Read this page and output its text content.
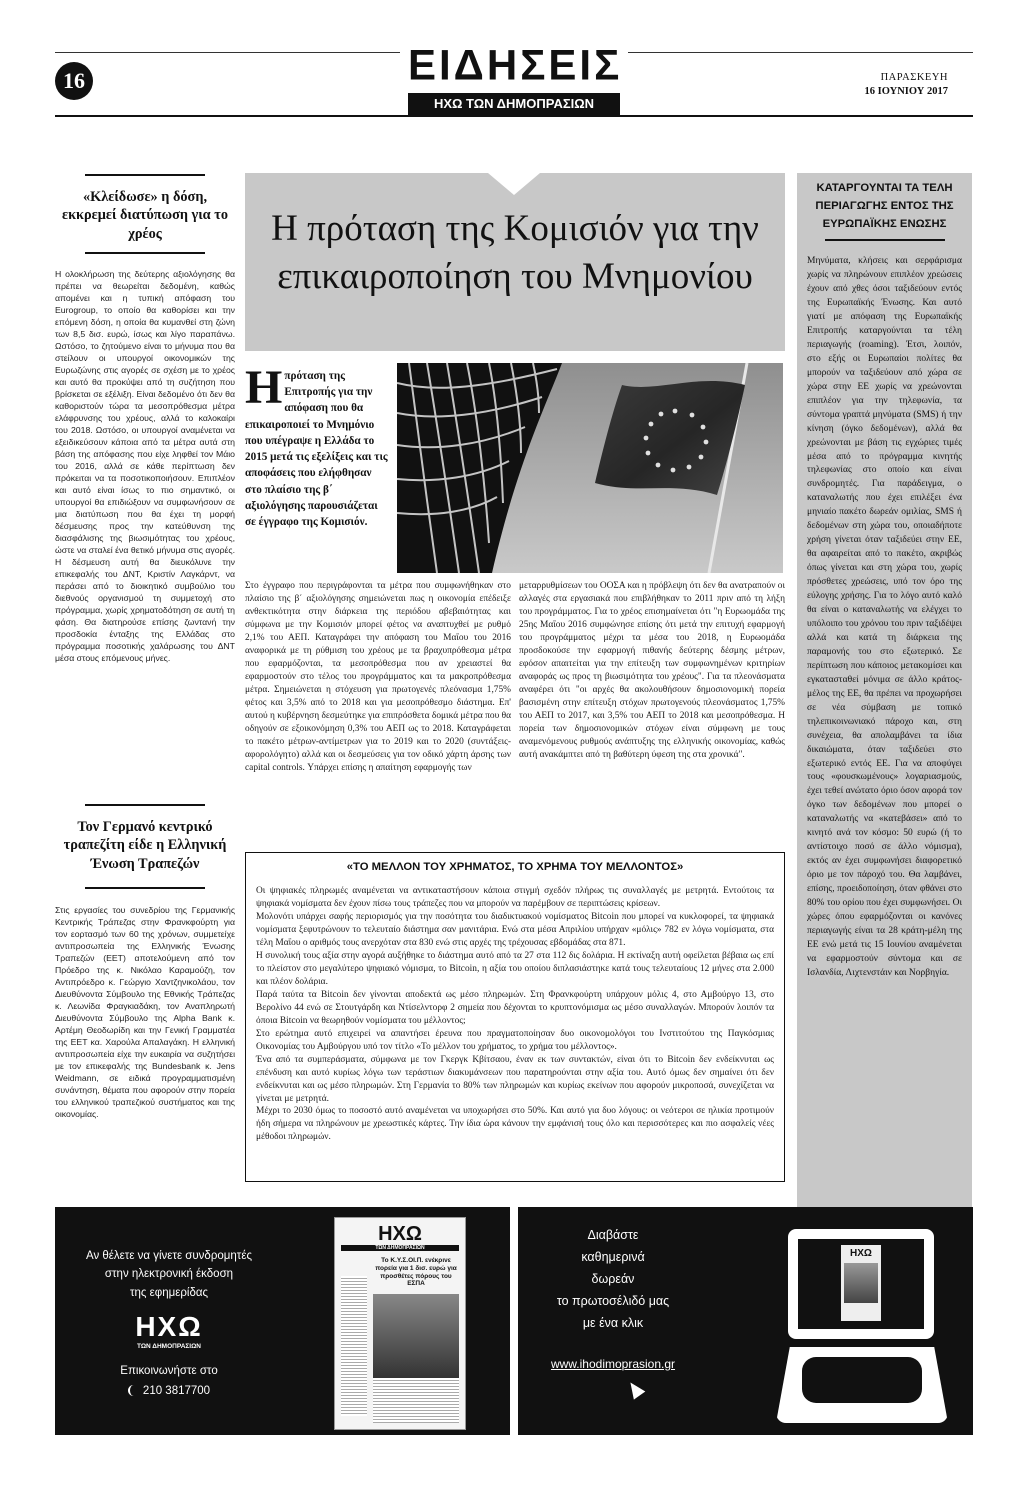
16	ΕΙΔΗΣΕΙΣ
ΗΧΩ ΤΩΝ ΔΗΜΟΠΡΑΣΙΩΝ
ΠΑΡΑΣΚΕΥΗ
16 ΙΟΥΝΙΟΥ 2017
«Κλείδωσε» η δόση, εκκρεμεί διατύπωση για το χρέος
Η ολοκλήρωση της δεύτερης αξιολόγησης θα πρέπει να θεωρείται δεδομένη, καθώς απομένει και η τυπική απόφαση του Eurogroup, το οποίο θα καθορίσει και την επόμενη δόση, η οποία θα κυμανθεί στη ζώνη των 8,5 δισ. ευρώ, ίσως και λίγο παραπάνω. Ωστόσο, το ζητούμενο είναι το μήνυμα που θα στείλουν οι υπουργοί οικονομικών της Ευρωζώνης στις αγορές σε σχέση με το χρέος και αυτό θα προκύψει από τη συζήτηση που βρίσκεται σε εξέλιξη. Είναι δεδομένο ότι δεν θα καθοριστούν τώρα τα μεσοπρόθεσμα μέτρα ελάφρυνσης του χρέους, αλλά το καλοκαίρι του 2018. Ωστόσο, οι υπουργοί αναμένεται να εξειδικεύσουν κάποια από τα μέτρα αυτά στη βάση της απόφασης που είχε ληφθεί τον Μάιο του 2016, αλλά σε κάθε περίπτωση δεν πρόκειται να τα ποσοτικοποιήσουν. Επιπλέον και αυτό είναι ίσως το πιο σημαντικό, οι υπουργοί θα επιδιώξουν να συμφωνήσουν σε μια διατύπωση που θα έχει τη μορφή δέσμευσης προς την κατεύθυνση της διασφάλισης της βιωσιμότητας του χρέους, ώστε να σταλεί ένα θετικό μήνυμα στις αγορές. Η δέσμευση αυτή θα διευκόλυνε την επικεφαλής του ΔΝΤ, Κριστίν Λαγκάρντ, να περάσει από το διοικητικό συμβούλιο του διεθνούς οργανισμού τη συμμετοχή στο πρόγραμμα, χωρίς χρηματοδότηση σε αυτή τη φάση. Θα διατηρούσε επίσης ζωντανή την προσδοκία ένταξης της Ελλάδας στο πρόγραμμα ποσοτικής χαλάρωσης του ΔΝΤ μέσα στους επόμενους μήνες.
Τον Γερμανό κεντρικό τραπεζίτη είδε η Ελληνική Ένωση Τραπεζών
Στις εργασίες του συνεδρίου της Γερμανικής Κεντρικής Τράπεζας στην Φρανκφούρτη για τον εορτασμό των 60 της χρόνων, συμμετείχε αντιπροσωπεία της Ελληνικής Ένωσης Τραπεζών (ΕΕΤ) αποτελούμενη από τον Πρόεδρο της κ. Νικόλαο Καραμούζη, τον Αντιπρόεδρο κ. Γεώργιο Χαντζηνικολάου, τον Διευθύνοντα Σύμβουλο της Εθνικής Τράπεζας κ. Λεωνίδα Φραγκιαδάκη, τον Αναπληρωτή Διευθύνοντα Σύμβουλο της Alpha Bank κ. Αρτέμη Θεοδωρίδη και την Γενική Γραμματέα της ΕΕΤ κα. Χαρούλα Απαλαγάκη. Η ελληνική αντιπροσωπεία είχε την ευκαιρία να συζητήσει με τον επικεφαλής της Bundesbank κ. Jens Weidmann, σε ειδικά προγραμματισμένη συνάντηση, θέματα που αφορούν στην πορεία του ελληνικού τραπεζικού συστήματος και της οικονομίας.
Η πρόταση της Κομισιόν για την επικαιροποίηση του Μνημονίου
Ηπρόταση της Επιτροπής για την απόφαση που θα επικαιροποιεί το Μνημόνιο που υπέγραψε η Ελλάδα το 2015 μετά τις εξελίξεις και τις αποφάσεις που ελήφθησαν στο πλαίσιο της β΄ αξιολόγησης παρουσιάζεται σε έγγραφο της Κομισιόν.
Στο έγγραφο που περιγράφονται τα μέτρα που συμφωνήθηκαν στο πλαίσιο της β΄ αξιολόγησης σημειώνεται πως η οικονομία επέδειξε ανθεκτικότητα στην διάρκεια της περιόδου αβεβαιότητας και σύμφωνα με την Κομισιόν μπορεί φέτος να αναπτυχθεί με ρυθμό 2,1% του ΑΕΠ. Καταγράφει την απόφαση του Μαΐου του 2016 αναφορικά με τη ρύθμιση του χρέους με τα βραχυπρόθεσμα μέτρα που εφαρμόζονται, τα μεσοπρόθεσμα που αν χρειαστεί θα εφαρμοστούν στο τέλος του προγράμματος και τα μακροπρόθεσμα μέτρα. Σημειώνεται η στόχευση για πρωτογενές πλεόνασμα 1,75% φέτος και 3,5% από το 2018 και για μεσοπρόθεσμο διάστημα. Επ' αυτού η κυβέρνηση δεσμεύτηκε για επιπρόσθετα δομικά μέτρα που θα οδηγούν σε εξοικονόμηση 0,3% του ΑΕΠ ως το 2018. Καταγράφεται το πακέτο μέτρων-αντίμετρων για το 2019 και το 2020 (συντάξεις-αφορολόγητο) αλλά και οι δεσμεύσεις για τον οδικό χάρτη άρσης των capital controls. Υπάρχει επίσης η απαίτηση εφαρμογής των
μεταρρυθμίσεων του ΟΟΣΑ και η πρόβλεψη ότι δεν θα ανατραπούν οι αλλαγές στα εργασιακά που επιβλήθηκαν το 2011 πριν από τη λήξη του προγράμματος. Για το χρέος επισημαίνεται ότι "η Ευρωομάδα της 25ης Μαΐου 2016 συμφώνησε επίσης ότι μετά την επιτυχή εφαρμογή του προγράμματος μέχρι τα μέσα του 2018, η Ευρωομάδα προσδοκούσε την εφαρμογή πιθανής δεύτερης δέσμης μέτρων, εφόσον απαιτείται για την επίτευξη των συμφωνημένων κριτηρίων αναφοράς ως προς τη βιωσιμότητα του χρέους". Για τα πλεονάσματα αναφέρει ότι "οι αρχές θα ακολουθήσουν δημοσιονομική πορεία βασισμένη στην επίτευξη στόχων πρωτογενούς πλεονάσματος 1,75% του ΑΕΠ το 2017, και 3,5% του ΑΕΠ το 2018 και μεσοπρόθεσμα. Η πορεία των δημοσιονομικών στόχων είναι σύμφωνη με τους αναμενόμενους ρυθμούς ανάπτυξης της ελληνικής οικονομίας, καθώς αυτή ανακάμπτει από τη βαθύτερη ύφεση της στα χρονικά".
«ΤΟ ΜΕΛΛΟΝ ΤΟΥ ΧΡΗΜΑΤΟΣ, ΤΟ ΧΡΗΜΑ ΤΟΥ ΜΕΛΛΟΝΤΟΣ»
Οι ψηφιακές πληρωμές αναμένεται να αντικαταστήσουν κάποια στιγμή σχεδόν πλήρως τις συναλλαγές με μετρητά. Εντούτοις τα ψηφιακά νομίσματα δεν έχουν πίσω τους τράπεζες που να μπορούν να παρέμβουν σε περιπτώσεις κρίσεων.
Μολονότι υπάρχει σαφής περιορισμός για την ποσότητα του διαδικτυακού νομίσματος Bitcoin που μπορεί να κυκλοφορεί, τα ψηφιακά νομίσματα ξεφυτρώνουν το τελευταίο διάστημα σαν μανιτάρια. Ενώ στα μέσα Απριλίου υπήρχαν «μόλις» 782 εν λόγω νομίσματα, στα τέλη Μαΐου ο αριθμός τους ανερχόταν στα 830 ενώ στις αρχές της τρέχουσας εβδομάδας στα 871.
Η συνολική τους αξία στην αγορά αυξήθηκε το διάστημα αυτό από τα 27 στα 112 δις δολάρια. Η εκτίναξη αυτή οφείλεται βέβαια ως επί το πλείστον στο μεγαλύτερο ψηφιακό νόμισμα, το Bitcoin, η αξία του οποίου διπλασιάστηκε κατά τους τελευταίους 12 μήνες στα 2.000 και πλέον δολάρια.
Παρά ταύτα τα Bitcoin δεν γίνονται αποδεκτά ως μέσο πληρωμών. Στη Φρανκφούρτη υπάρχουν μόλις 4, στο Αμβούργο 13, στο Βερολίνο 44 ενώ σε Στουτγάρδη και Ντίσελντορφ 2 σημεία που δέχονται το κρυπτονόμισμα ως μέσο συναλλαγών. Μπορούν λοιπόν τα όποια Bitcoin να θεωρηθούν νομίσματα του μέλλοντος;
Στο ερώτημα αυτό επιχειρεί να απαντήσει έρευνα που πραγματοποίησαν δυο οικονομολόγοι του Ινστιτούτου της Παγκόσμιας Οικονομίας του Αμβούργου υπό τον τίτλο «Το μέλλον του χρήματος, το χρήμα του μέλλοντος».
Ένα από τα συμπεράσματα, σύμφωνα με τον Γκεργκ Κβίτσαου, έναν εκ των συντακτών, είναι ότι το Bitcoin δεν ενδείκνυται ως επένδυση και αυτό κυρίως λόγω των τεράστιων διακυμάνσεων που παρατηρούνται στην αξία του. Αυτό όμως δεν σημαίνει ότι δεν ενδείκνυται και ως μέσο πληρωμών. Στη Γερμανία το 80% των πληρωμών και κυρίως εκείνων που αφορούν μικροποσά, συνεχίζεται να γίνεται με μετρητά.
Μέχρι το 2030 όμως το ποσοστό αυτό αναμένεται να υποχωρήσει στο 50%. Και αυτό για δυο λόγους: οι νεότεροι σε ηλικία προτιμούν ήδη σήμερα να πληρώνουν με χρεωστικές κάρτες. Την ίδια ώρα κάνουν την εμφάνισή τους όλο και περισσότερες και πιο ασφαλείς νέες μέθοδοι πληρωμών.
ΚΑΤΑΡΓΟΥΝΤΑΙ ΤΑ ΤΕΛΗ ΠΕΡΙΑΓΩΓΗΣ ΕΝΤΟΣ ΤΗΣ ΕΥΡΩΠΑΪΚΗΣ ΕΝΩΣΗΣ
Μηνύματα, κλήσεις και σερφάρισμα χωρίς να πληρώνουν επιπλέον χρεώσεις έχουν από χθες όσοι ταξιδεύουν εντός της Ευρωπαϊκής Ένωσης. Και αυτό γιατί με απόφαση της Ευρωπαϊκής Επιτροπής καταργούνται τα τέλη περιαγωγής (roaming). Έτσι, λοιπόν, στο εξής οι Ευρωπαίοι πολίτες θα μπορούν να ταξιδεύουν από χώρα σε χώρα στην ΕΕ χωρίς να χρεώνονται επιπλέον για την τηλεφωνία, τα σύντομα γραπτά μηνύματα (SMS) ή την κίνηση (όγκο δεδομένων), αλλά θα χρεώνονται με βάση τις εγχώριες τιμές μέσα από το πρόγραμμα κινητής τηλεφωνίας στο οποίο και είναι συνδρομητές. Για παράδειγμα, ο καταναλωτής που έχει επιλέξει ένα μηνιαίο πακέτο δωρεάν ομιλίας, SMS ή δεδομένων στη χώρα του, οποιαδήποτε χρήση γίνεται όταν ταξιδεύει στην ΕΕ, θα αφαιρείται από το πακέτο, ακριβώς όπως γίνεται και στη χώρα του, χωρίς πρόσθετες χρεώσεις, υπό τον όρο της εύλογης χρήσης. Για το λόγο αυτό καλό θα είναι ο καταναλωτής να ελέγχει το υπόλοιπο του χρόνου του πριν ταξιδέψει αλλά και κατά τη διάρκεια της παραμονής του στο εξωτερικό. Σε περίπτωση που κάποιος μετακομίσει και εγκατασταθεί μόνιμα σε άλλο κράτος-μέλος της ΕΕ, θα πρέπει να προχωρήσει σε νέα σύμβαση με τοπικό τηλεπικοινωνιακό πάροχο και, στη συνέχεια, θα απολαμβάνει τα ίδια δικαιώματα, όταν ταξιδεύει στο εξωτερικό εντός ΕΕ. Για να αποφύγει τους «φουσκωμένους» λογαριασμούς, έχει τεθεί ανώτατο όριο όσον αφορά τον όγκο των δεδομένων που μπορεί ο καταναλωτής να «κατεβάσει» από το κινητό ανά τον κόσμο: 50 ευρώ (ή το αντίστοιχο ποσό σε άλλο νόμισμα), εκτός αν έχει συμφωνήσει διαφορετικό όριο με τον πάροχό του. Θα λαμβάνει, επίσης, προειδοποίηση, όταν φθάνει στο 80% του ορίου που έχει συμφωνήσει. Οι χώρες όπου εφαρμόζονται οι κανόνες περιαγωγής είναι τα 28 κράτη-μέλη της ΕΕ ενώ μετά τις 15 Ιουνίου αναμένεται να εφαρμοστούν σύντομα και σε Ισλανδία, Λιχτενστάιν και Νορβηγία.
Αν θέλετε να γίνετε συνδρομητές
στην ηλεκτρονική έκδοση
της εφημερίδας
ΗΧΩ
ΤΩΝ ΔΗΜΟΠΡΑΣΙΩΝ
Επικοινωνήστε στο
210 3817700
ΗΧΩ
ΤΩΝ ΔΗΜΟΠΡΑΣΙΩΝ
Το Κ.Υ.Σ.ΟΙ.Π. ενέκρινε πορεία για 1 δισ. ευρώ για προσθέτες πόρους του ΕΣΠΑ
Διαβάστε
καθημερινά
δωρεάν
το πρωτοσέλιδό μας
με ένα κλικ
www.ihodimoprasion.gr
ΗΧΩ
